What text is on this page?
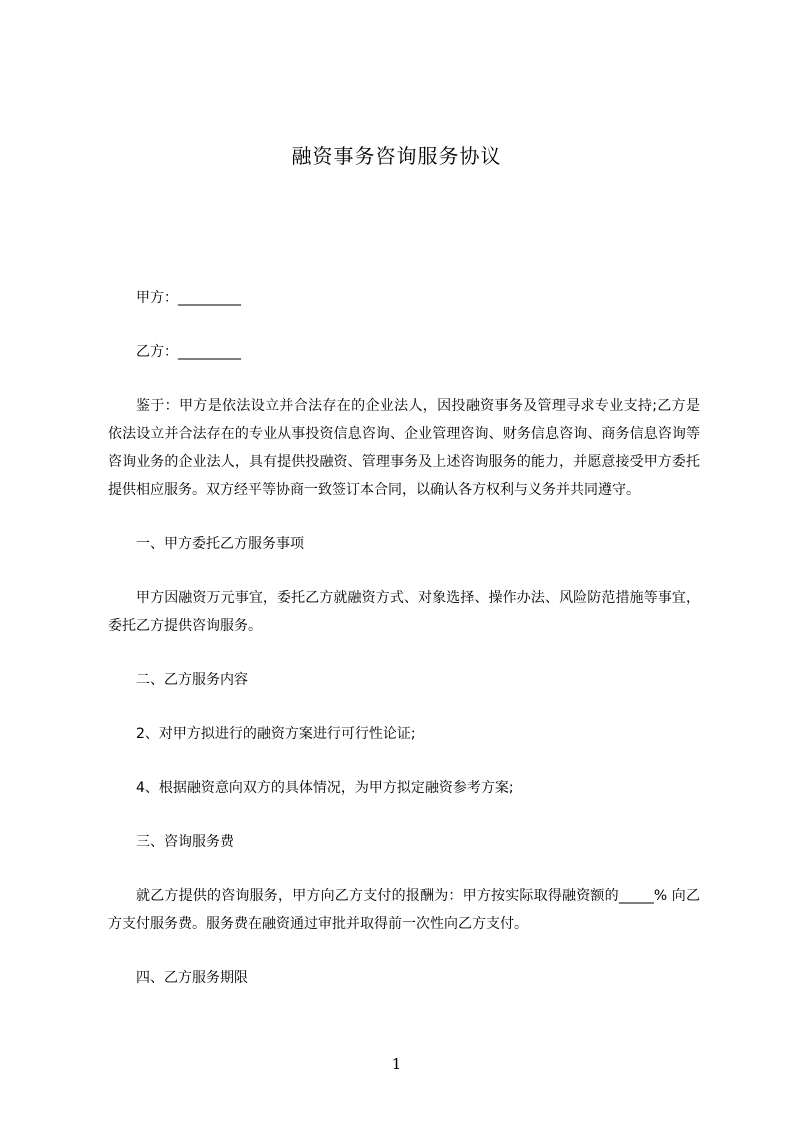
融资事务咨询服务协议

甲方：_________

乙方：_________

鉴于：甲方是依法设立并合法存在的企业法人，因投融资事务及管理寻求专业支持;乙方是依法设立并合法存在的专业从事投资信息咨询、企业管理咨询、财务信息咨询、商务信息咨询等咨询业务的企业法人，具有提供投融资、管理事务及上述咨询服务的能力，并愿意接受甲方委托提供相应服务。双方经平等协商一致签订本合同，以确认各方权利与义务并共同遵守。

一、甲方委托乙方服务事项

甲方因融资万元事宜，委托乙方就融资方式、对象选择、操作办法、风险防范措施等事宜，委托乙方提供咨询服务。

二、乙方服务内容

2、对甲方拟进行的融资方案进行可行性论证;

4、根据融资意向双方的具体情况，为甲方拟定融资参考方案;

三、咨询服务费

就乙方提供的咨询服务，甲方向乙方支付的报酬为：甲方按实际取得融资额的_____% 向乙方支付服务费。服务费在融资通过审批并取得前一次性向乙方支付。

四、乙方服务期限

1
